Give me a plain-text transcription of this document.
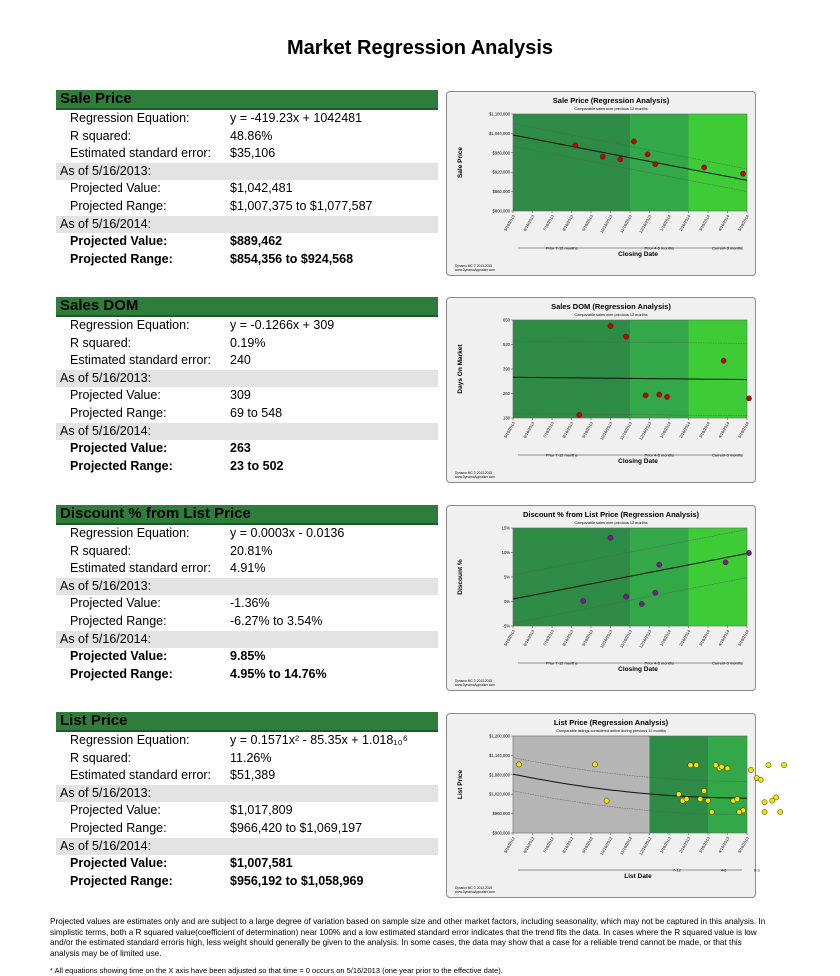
Market Regression Analysis
Sale Price
Regression Equation:	y = -419.23x + 1042481
R squared:	48.86%
Estimated standard error: $35,106
As of 5/16/2013:
Projected Value:	$1,042,481
Projected Range:	$1,007,375 to $1,077,587
As of 5/16/2014:
Projected Value:	$889,462
Projected Range:	$854,356 to $924,568
Sales DOM
Regression Equation:	y = -0.1266x + 309
R squared:	0.19%
Estimated standard error: 240
As of 5/16/2013:
Projected Value:	309
Projected Range:	69 to 548
As of 5/16/2014:
Projected Value:	263
Projected Range:	23 to 502
Discount % from List Price
Regression Equation:	y = 0.0003x - 0.0136
R squared:	20.81%
Estimated standard error: 4.91%
As of 5/16/2013:
Projected Value:	-1.36%
Projected Range:	-6.27% to 3.54%
As of 5/16/2014:
Projected Value:	9.85%
Projected Range:	4.95% to 14.76%
List Price
Regression Equation:	y = 0.1571x² - 85.35x + 1.018₁₀⁶
R squared:	11.26%
Estimated standard error: $51,389
As of 5/16/2013:
Projected Value:	$1,017,809
Projected Range:	$966,420 to $1,069,197
As of 5/16/2014:
Projected Value:	$1,007,581
Projected Range:	$956,192 to $1,058,969
Sale Price (Regression Analysis)
Comparable sales over previous 12 months
$1,100,000
$1,040,000
$980,000
$920,000
$860,000
$800,000
Sale Price
5/16/2013 6/16/2013 7/16/2013 8/16/2013 9/16/2013 10/16/2013 11/16/2013 12/16/2013 1/16/2014 2/16/2014 3/16/2014 4/16/2014 5/16/2014
Prior 7-12 months	Prior 4-6 months	Current-3 months
Closing Date
Dynamo MC © 2013-2015
www.DynamoAppraiser.com
Sales DOM (Regression Analysis)
Comparable sales over previous 12 months
650
520
390
260
130
Days On Market
5/16/2013 6/16/2013 7/16/2013 8/16/2013 9/16/2013 10/16/2013 11/16/2013 12/16/2013 1/16/2014 2/16/2014 3/16/2014 4/16/2014 5/16/2014
Prior 7-12 months	Prior 4-6 months	Current-3 months
Closing Date
Dynamo MC © 2013-2015
www.DynamoAppraiser.com
Discount % from List Price (Regression Analysis)
Comparable sales over previous 12 months
15%
10%
5%
0%
-5%
Discount %
5/16/2013 6/16/2013 7/16/2013 8/16/2013 9/16/2013 10/16/2013 11/16/2013 12/16/2013 1/16/2014 2/16/2014 3/16/2014 4/16/2014 5/16/2014
Prior 7-12 months	Prior 4-6 months	Current-3 months
Closing Date
Dynamo MC © 2013-2015
www.DynamoAppraiser.com
List Price (Regression Analysis)
Comparable listings considered active during previous 12 months
$1,200,000
$1,140,000
$1,080,000
$1,020,000
$960,000
$900,000
List Price
5/16/2012 6/16/2012 7/16/2012 8/16/2012 9/16/2012 10/16/2012 11/16/2012 12/16/2012 1/16/2013 2/16/2013 3/16/2013 4/16/2013 5/16/2013
7-12	4-6	0-3
List Date
Dynamo MC © 2013-2015
www.DynamoAppraiser.com
Projected values are estimates only and are subject to a large degree of variation based on sample size and other market factors, including seasonality, which may not be captured in this analysis. In simplistic terms, both a R squared value(coefficient of determination) near 100% and a low estimated standard error indicates that the trend fits the data. In cases where the R squared value is low and/or the estimated standard erroris high, less weight should generally be given to the analysis. In some cases, the data may show that a case for a reliable trend cannot be made, or that this analysis may be of limited use.
* All equations showing time on the X axis have been adjusted so that time = 0 occurs on 5/16/2013 (one year prior to the effective date).
